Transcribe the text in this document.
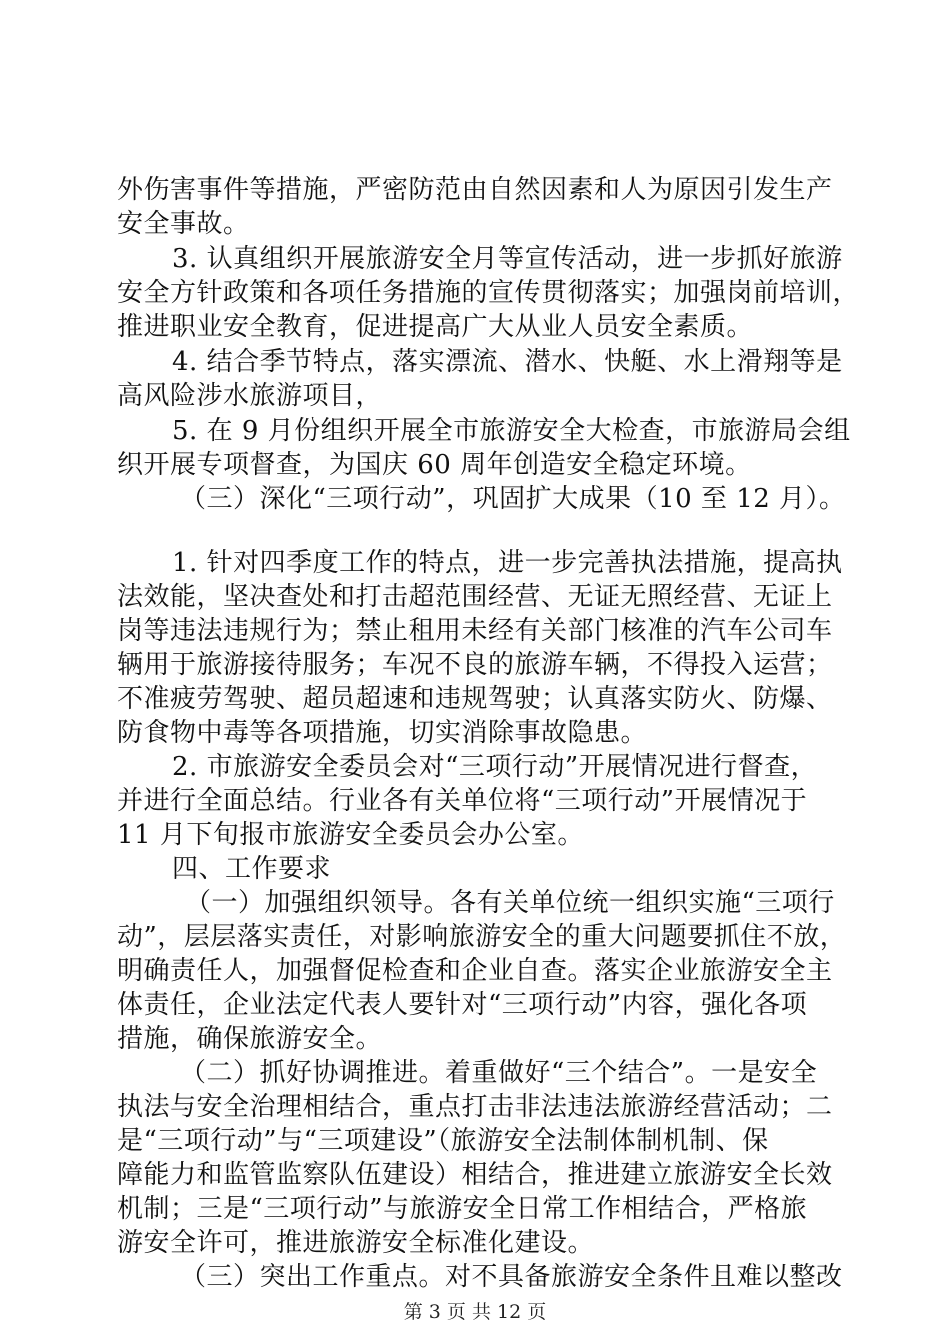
外伤害事件等措施，严密防范由自然因素和人为原因引发生产
安全事故。
3. 认真组织开展旅游安全月等宣传活动，进一步抓好旅游
安全方针政策和各项任务措施的宣传贯彻落实；加强岗前培训，
推进职业安全教育，促进提高广大从业人员安全素质。
4. 结合季节特点，落实漂流、潜水、快艇、水上滑翔等是
高风险涉水旅游项目，
5. 在 9 月份组织开展全市旅游安全大检查，市旅游局会组
织开展专项督查，为国庆 60 周年创造安全稳定环境。
（三）深化“三项行动”，巩固扩大成果（10 至 12 月）。
1. 针对四季度工作的特点，进一步完善执法措施，提高执
法效能，坚决查处和打击超范围经营、无证无照经营、无证上
岗等违法违规行为；禁止租用未经有关部门核准的汽车公司车
辆用于旅游接待服务；车况不良的旅游车辆，不得投入运营；
不准疲劳驾驶、超员超速和违规驾驶；认真落实防火、防爆、
防食物中毒等各项措施，切实消除事故隐患。
2. 市旅游安全委员会对“三项行动”开展情况进行督查，
并进行全面总结。行业各有关单位将“三项行动”开展情况于
11 月下旬报市旅游安全委员会办公室。
四、工作要求
（一）加强组织领导。各有关单位统一组织实施“三项行
动”，层层落实责任，对影响旅游安全的重大问题要抓住不放，
明确责任人，加强督促检查和企业自查。落实企业旅游安全主
体责任，企业法定代表人要针对“三项行动”内容，强化各项
措施，确保旅游安全。
（二）抓好协调推进。着重做好“三个结合”。一是安全
执法与安全治理相结合，重点打击非法违法旅游经营活动；二
是“三项行动”与“三项建设”（旅游安全法制体制机制、保
障能力和监管监察队伍建设）相结合，推进建立旅游安全长效
机制；三是“三项行动”与旅游安全日常工作相结合，严格旅
游安全许可，推进旅游安全标准化建设。
（三）突出工作重点。对不具备旅游安全条件且难以整改
第 3 页 共 12 页
